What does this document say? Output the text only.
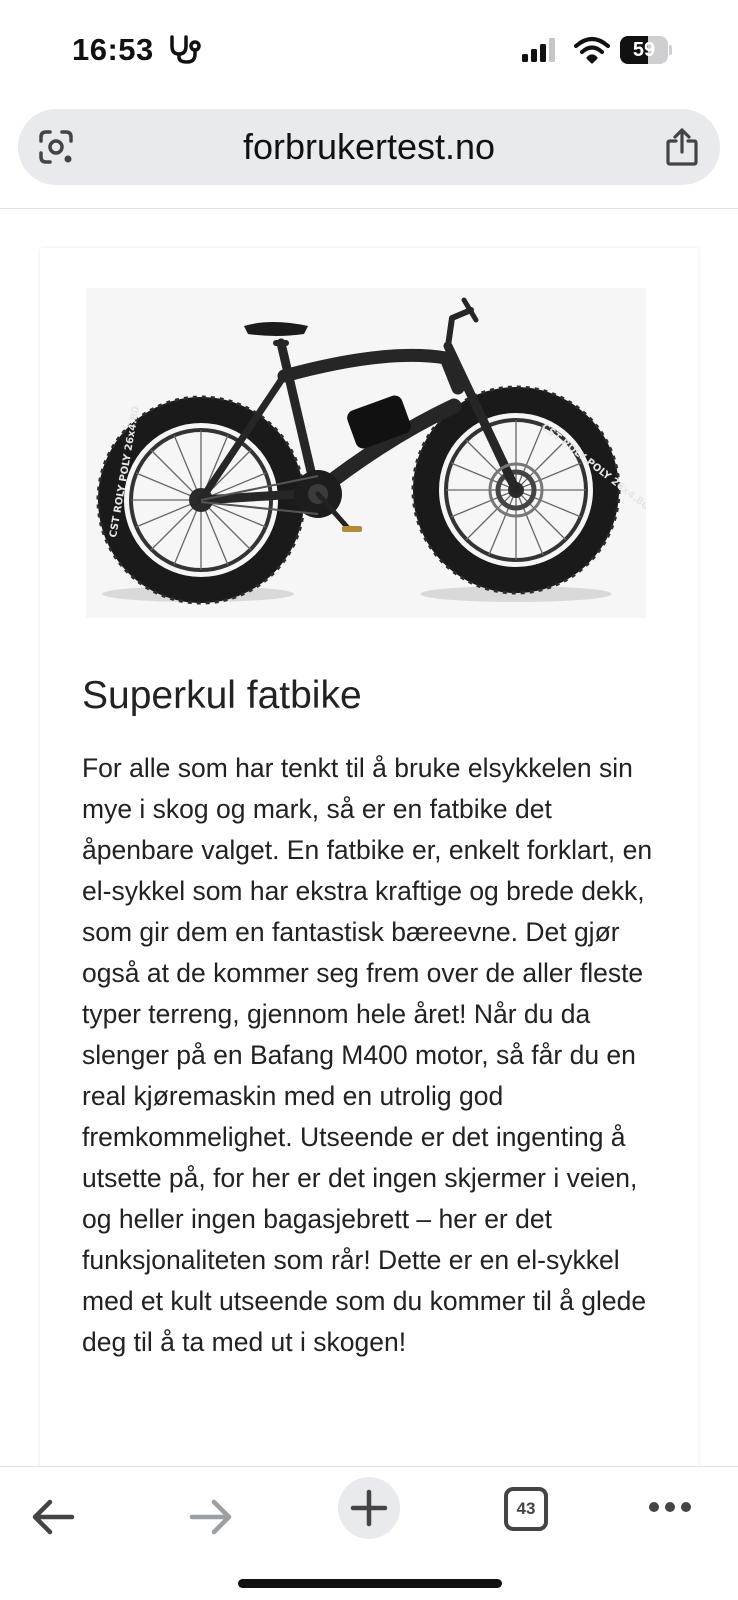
16:53	59
forbrukertest.no
CST ROLY POLY 26x4.80
CST ROLY POLY 26x4.80
Superkul fatbike
For alle som har tenkt til å bruke elsykkelen sin mye i skog og mark, så er en fatbike det åpenbare valget. En fatbike er, enkelt forklart, en el-sykkel som har ekstra kraftige og brede dekk, som gir dem en fantastisk bæreevne. Det gjør også at de kommer seg frem over de aller fleste typer terreng, gjennom hele året! Når du da slenger på en Bafang M400 motor, så får du en real kjøremaskin med en utrolig god fremkommelighet. Utseende er det ingenting å utsette på, for her er det ingen skjermer i veien, og heller ingen bagasjebrett – her er det funksjonaliteten som rår! Dette er en el-sykkel med et kult utseende som du kommer til å glede deg til å ta med ut i skogen!
43
